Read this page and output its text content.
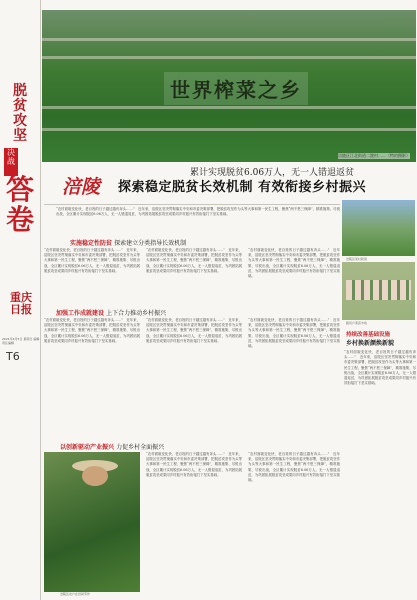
脱贫攻坚
决战
答卷
重庆日报
2021年4月5日 星期日 编辑 责任编辑
T6
世界榨菜之乡
涪陵区江北街道二渡村……（特约摄影）
累计实现脱贫6.06万人，无一人错退返贫
涪陵 探索稳定脱贫长效机制 有效衔接乡村振兴
“农村面貌变化快，老百姓的日子越过越有奔头……”　近年来，涪陵区坚决贯彻落实中央和市委决策部署，把脱贫攻坚作为头等大事和第一民生工程，聚焦“两不愁三保障”，精准施策、尽锐出战，全区累计实现脱贫6.06万人，无一人错退返贫，为巩固拓展脱贫攻坚成果同乡村振兴有效衔接打下坚实基础。
实施稳定性防贫 探索建立分类指导长效机制
“农村面貌变化快，老百姓的日子越过越有奔头……”　近年来，涪陵区坚决贯彻落实中央和市委决策部署，把脱贫攻坚作为头等大事和第一民生工程，聚焦“两不愁三保障”，精准施策、尽锐出战，全区累计实现脱贫6.06万人，无一人错退返贫，为巩固拓展脱贫攻坚成果同乡村振兴有效衔接打下坚实基础。
“农村面貌变化快，老百姓的日子越过越有奔头……”　近年来，涪陵区坚决贯彻落实中央和市委决策部署，把脱贫攻坚作为头等大事和第一民生工程，聚焦“两不愁三保障”，精准施策、尽锐出战，全区累计实现脱贫6.06万人，无一人错退返贫，为巩固拓展脱贫攻坚成果同乡村振兴有效衔接打下坚实基础。
“农村面貌变化快，老百姓的日子越过越有奔头……”　近年来，涪陵区坚决贯彻落实中央和市委决策部署，把脱贫攻坚作为头等大事和第一民生工程，聚焦“两不愁三保障”，精准施策、尽锐出战，全区累计实现脱贫6.06万人，无一人错退返贫，为巩固拓展脱贫攻坚成果同乡村振兴有效衔接打下坚实基础。
加强工作成就建设 上下合力推动乡村振兴
“农村面貌变化快，老百姓的日子越过越有奔头……”　近年来，涪陵区坚决贯彻落实中央和市委决策部署，把脱贫攻坚作为头等大事和第一民生工程，聚焦“两不愁三保障”，精准施策、尽锐出战，全区累计实现脱贫6.06万人，无一人错退返贫，为巩固拓展脱贫攻坚成果同乡村振兴有效衔接打下坚实基础。
“农村面貌变化快，老百姓的日子越过越有奔头……”　近年来，涪陵区坚决贯彻落实中央和市委决策部署，把脱贫攻坚作为头等大事和第一民生工程，聚焦“两不愁三保障”，精准施策、尽锐出战，全区累计实现脱贫6.06万人，无一人错退返贫，为巩固拓展脱贫攻坚成果同乡村振兴有效衔接打下坚实基础。
“农村面貌变化快，老百姓的日子越过越有奔头……”　近年来，涪陵区坚决贯彻落实中央和市委决策部署，把脱贫攻坚作为头等大事和第一民生工程，聚焦“两不愁三保障”，精准施策、尽锐出战，全区累计实现脱贫6.06万人，无一人错退返贫，为巩固拓展脱贫攻坚成果同乡村振兴有效衔接打下坚实基础。
以创新驱动产业振兴 力促乡村全面振兴
涪陵区农户在田间劳作
“农村面貌变化快，老百姓的日子越过越有奔头……”　近年来，涪陵区坚决贯彻落实中央和市委决策部署，把脱贫攻坚作为头等大事和第一民生工程，聚焦“两不愁三保障”，精准施策、尽锐出战，全区累计实现脱贫6.06万人，无一人错退返贫，为巩固拓展脱贫攻坚成果同乡村振兴有效衔接打下坚实基础。
“农村面貌变化快，老百姓的日子越过越有奔头……”　近年来，涪陵区坚决贯彻落实中央和市委决策部署，把脱贫攻坚作为头等大事和第一民生工程，聚焦“两不愁三保障”，精准施策、尽锐出战，全区累计实现脱贫6.06万人，无一人错退返贫，为巩固拓展脱贫攻坚成果同乡村振兴有效衔接打下坚实基础。
涪陵区某村新貌
脱贫户喜获丰收
持续改善基础设施
乡村换新颜焕新貌
“农村面貌变化快，老百姓的日子越过越有奔头……”　近年来，涪陵区坚决贯彻落实中央和市委决策部署，把脱贫攻坚作为头等大事和第一民生工程，聚焦“两不愁三保障”，精准施策、尽锐出战，全区累计实现脱贫6.06万人，无一人错退返贫，为巩固拓展脱贫攻坚成果同乡村振兴有效衔接打下坚实基础。
